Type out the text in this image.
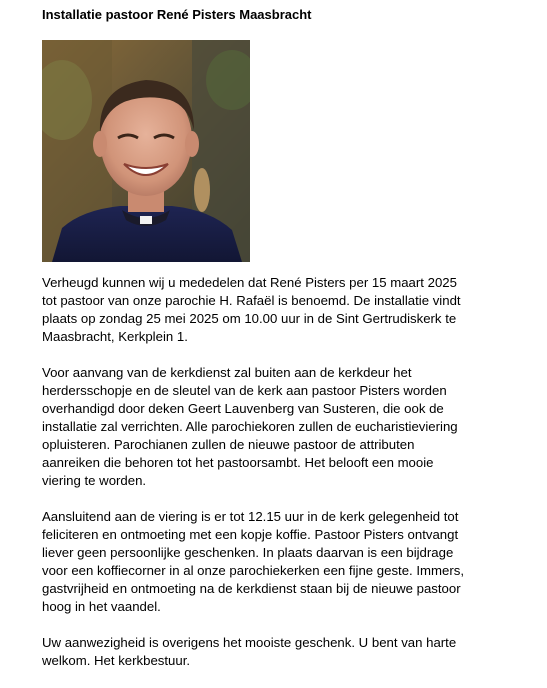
Installatie pastoor René Pisters Maasbracht

Verheugd kunnen wij u mededelen dat René Pisters per 15 maart 2025
tot pastoor van onze parochie H. Rafaël is benoemd. De installatie vindt
plaats op zondag 25 mei 2025 om 10.00 uur in de Sint Gertrudiskerk te
Maasbracht, Kerkplein 1.

Voor aanvang van de kerkdienst zal buiten aan de kerkdeur het
herdersschopje en de sleutel van de kerk aan pastoor Pisters worden
overhandigd door deken Geert Lauvenberg van Susteren, die ook de
installatie zal verrichten. Alle parochiekoren zullen de eucharistieviering
opluisteren. Parochianen zullen de nieuwe pastoor de attributen
aanreiken die behoren tot het pastoorsambt. Het belooft een mooie
viering te worden.

Aansluitend aan de viering is er tot 12.15 uur in de kerk gelegenheid tot
feliciteren en ontmoeting met een kopje koffie. Pastoor Pisters ontvangt
liever geen persoonlijke geschenken. In plaats daarvan is een bijdrage
voor een koffiecorner in al onze parochiekerken een fijne geste. Immers,
gastvrijheid en ontmoeting na de kerkdienst staan bij de nieuwe pastoor
hoog in het vaandel.

Uw aanwezigheid is overigens het mooiste geschenk. U bent van harte
welkom. Het kerkbestuur.
